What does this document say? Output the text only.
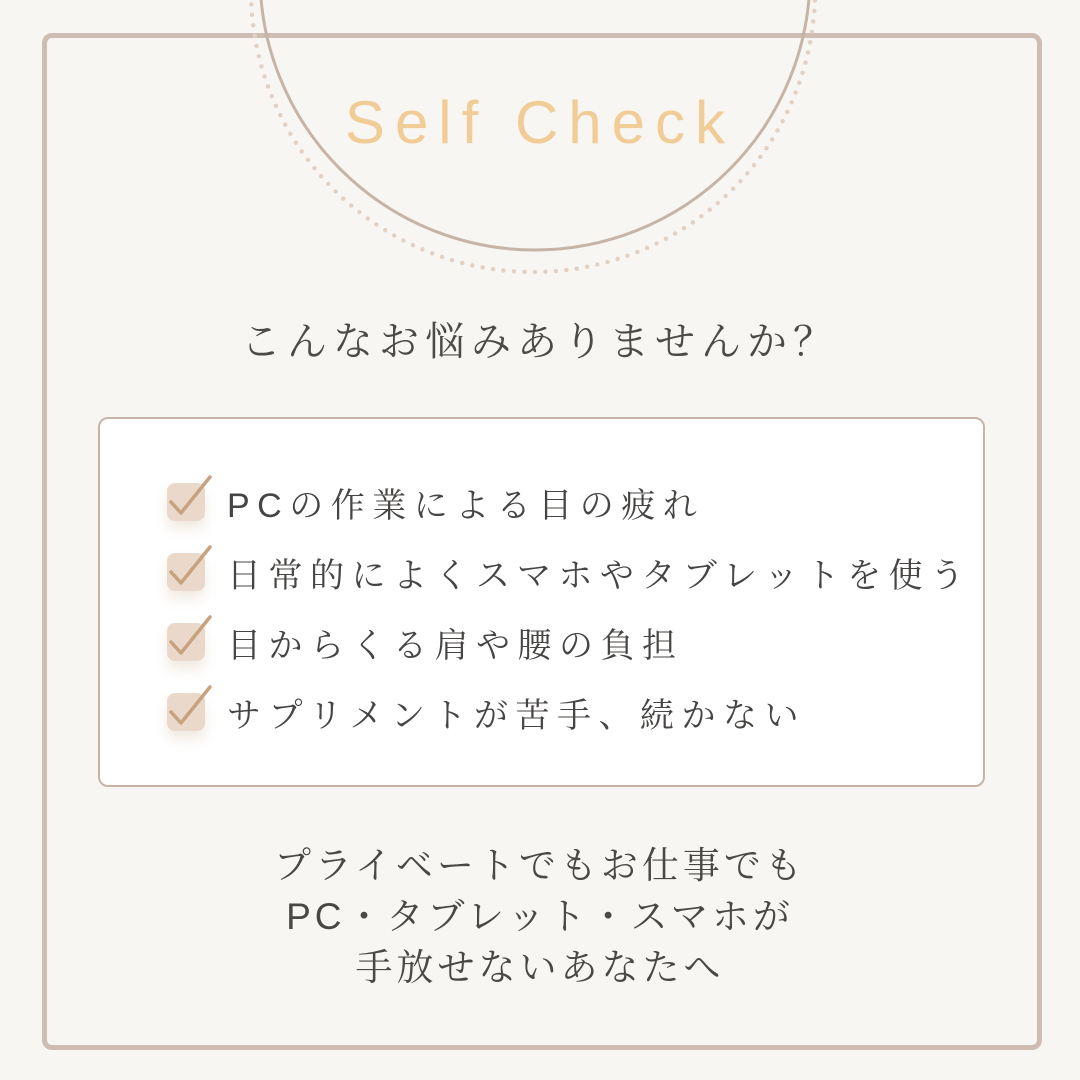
Self Check
こんなお悩みありませんか？
PCの作業による目の疲れ
日常的によくスマホやタブレットを使う
目からくる肩や腰の負担
サプリメントが苦手、続かない
プライベートでもお仕事でも
PC・タブレット・スマホが
手放せないあなたへ
